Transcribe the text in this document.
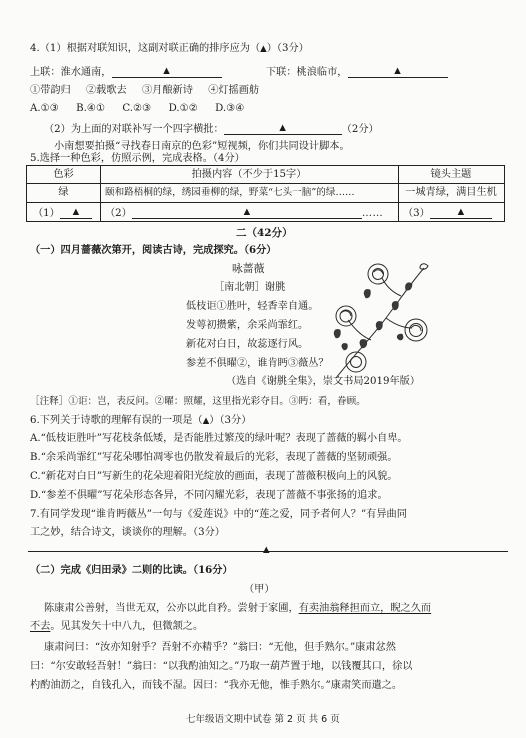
4.（1）根据对联知识，这副对联正确的排序应为（▲）（3分）
上联：淮水通南，	▲	下联：桃浪临市，	▲
①带韵归 ②载歌去 ③月酿新诗 ④灯摇画舫
A.①③ B.④① C.②③ D.①② D.③④
（2）为上面的对联补写一个四字横批：	▲	（2分）
小南想要拍摄“寻找春日南京的色彩”短视频，你们共同设计脚本。
5.选择一种色彩，仿照示例，完成表格。（4分）
色彩	拍摄内容（不少于15字）	镜头主题
绿	颐和路梧桐的绿，绣园垂柳的绿，野菜“七头一脑”的绿……	一城青绿，满目生机
（1） ▲	（2）	▲	…… （3）	▲
二（42分）
（一）四月蔷薇次第开，阅读古诗，完成探究。（6分）
咏蔷薇
［南北朝］谢朓
低枝讵①胜叶，轻香幸自通。
发萼初攒紫，余采尚霏红。
新花对白日，故蕊逐行风。
参差不俱曜②，谁肯眄③薇丛？
（选自《谢朓全集》，崇文书局2019年版）
［注释］①讵：岂，表反问。②曜：照耀，这里指光彩夺目。③眄：看，眷顾。
6.下列关于诗歌的理解有误的一项是（▲）（3分）
A.“低枝讵胜叶”写花枝条低矮，是否能胜过繁茂的绿叶呢？表现了蔷薇的羁小自卑。
B.“余采尚霏红”写花朵哪怕凋零也仍散发着最后的光彩，表现了蔷薇的坚韧顽强。
C.“新花对白日”写新生的花朵迎着阳光绽放的画面，表现了蔷薇积极向上的风貌。
D.“参差不俱曜”写花朵形态各异，不同闪耀光彩，表现了蔷薇不事张扬的追求。
7.有同学发现“谁肯眄薇丛”一句与《爱莲说》中的“莲之爱，同予者何人？”有异曲同
工之妙，结合诗文，谈谈你的理解。（3分）
▲
（二）完成《归田录》二则的比读。（16分）
（甲）
陈康肃公善射，当世无双，公亦以此自矜。尝射于家圃，有卖油翁释担而立，睨之久而
不去。见其发矢十中八九，但微颔之。
康肃问曰：“汝亦知射乎？吾射不亦精乎？”翁曰：“无他，但手熟尔。”康肃忿然
曰：“尔安敢轻吾射！”翁曰：“以我酌油知之。”乃取一葫芦置于地，以钱覆其口，徐以
杓酌油沥之，自钱孔入，而钱不湿。因曰：“我亦无他，惟手熟尔。”康肃笑而遣之。
七年级语文期中试卷 第 2 页 共 6 页
